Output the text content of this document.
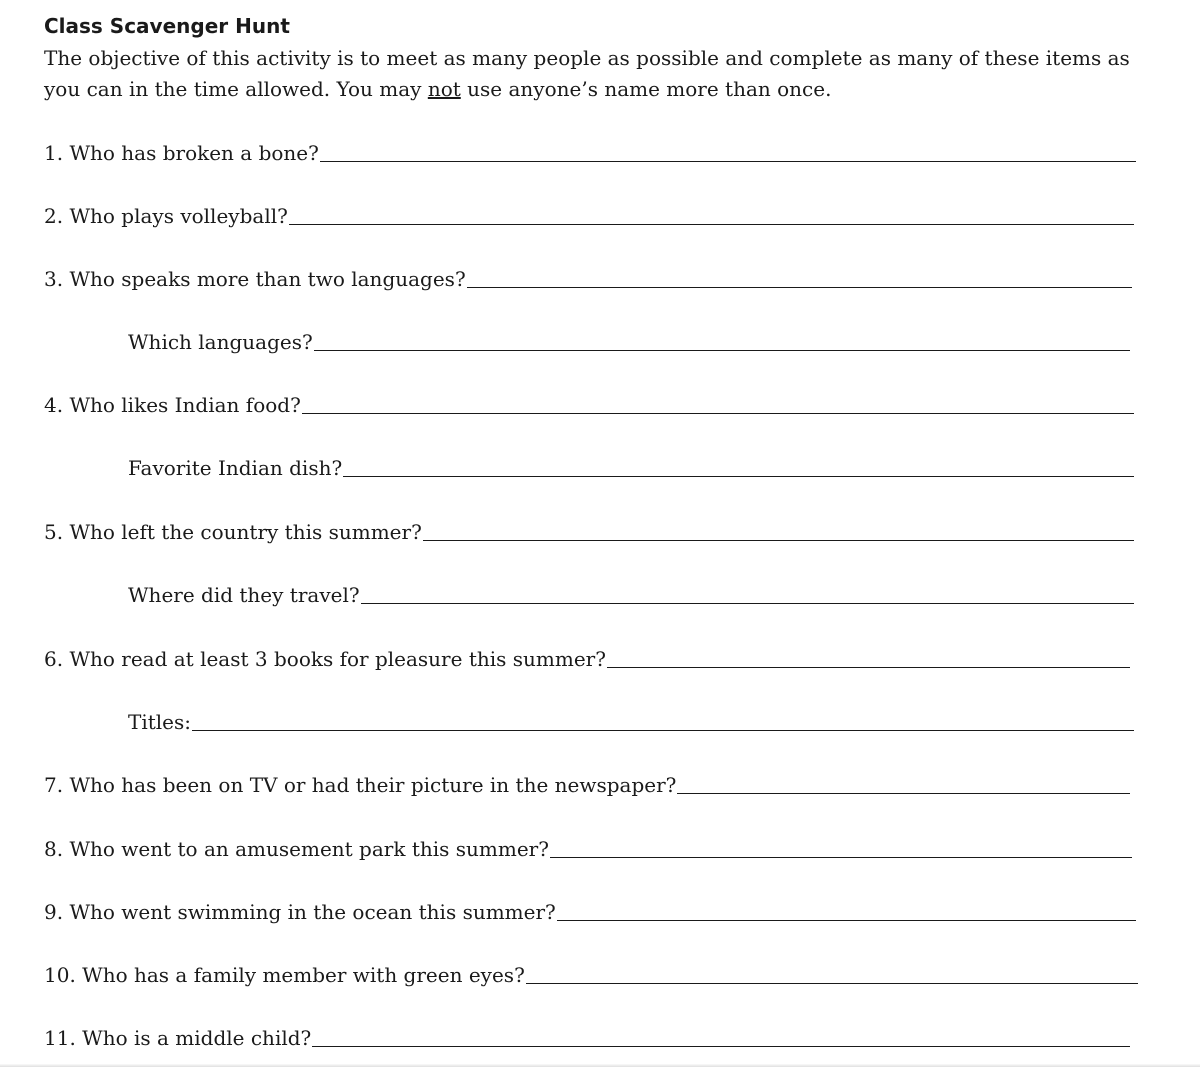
Class Scavenger Hunt
The objective of this activity is to meet as many people as possible and complete as many of these items as you can in the time allowed. You may not use anyone’s name more than once.
1. Who has broken a bone?
2. Who plays volleyball?
3. Who speaks more than two languages?
Which languages?
4. Who likes Indian food?
Favorite Indian dish?
5. Who left the country this summer?
Where did they travel?
6. Who read at least 3 books for pleasure this summer?
Titles:
7. Who has been on TV or had their picture in the newspaper?
8. Who went to an amusement park this summer?
9. Who went swimming in the ocean this summer?
10. Who has a family member with green eyes?
11. Who is a middle child?
